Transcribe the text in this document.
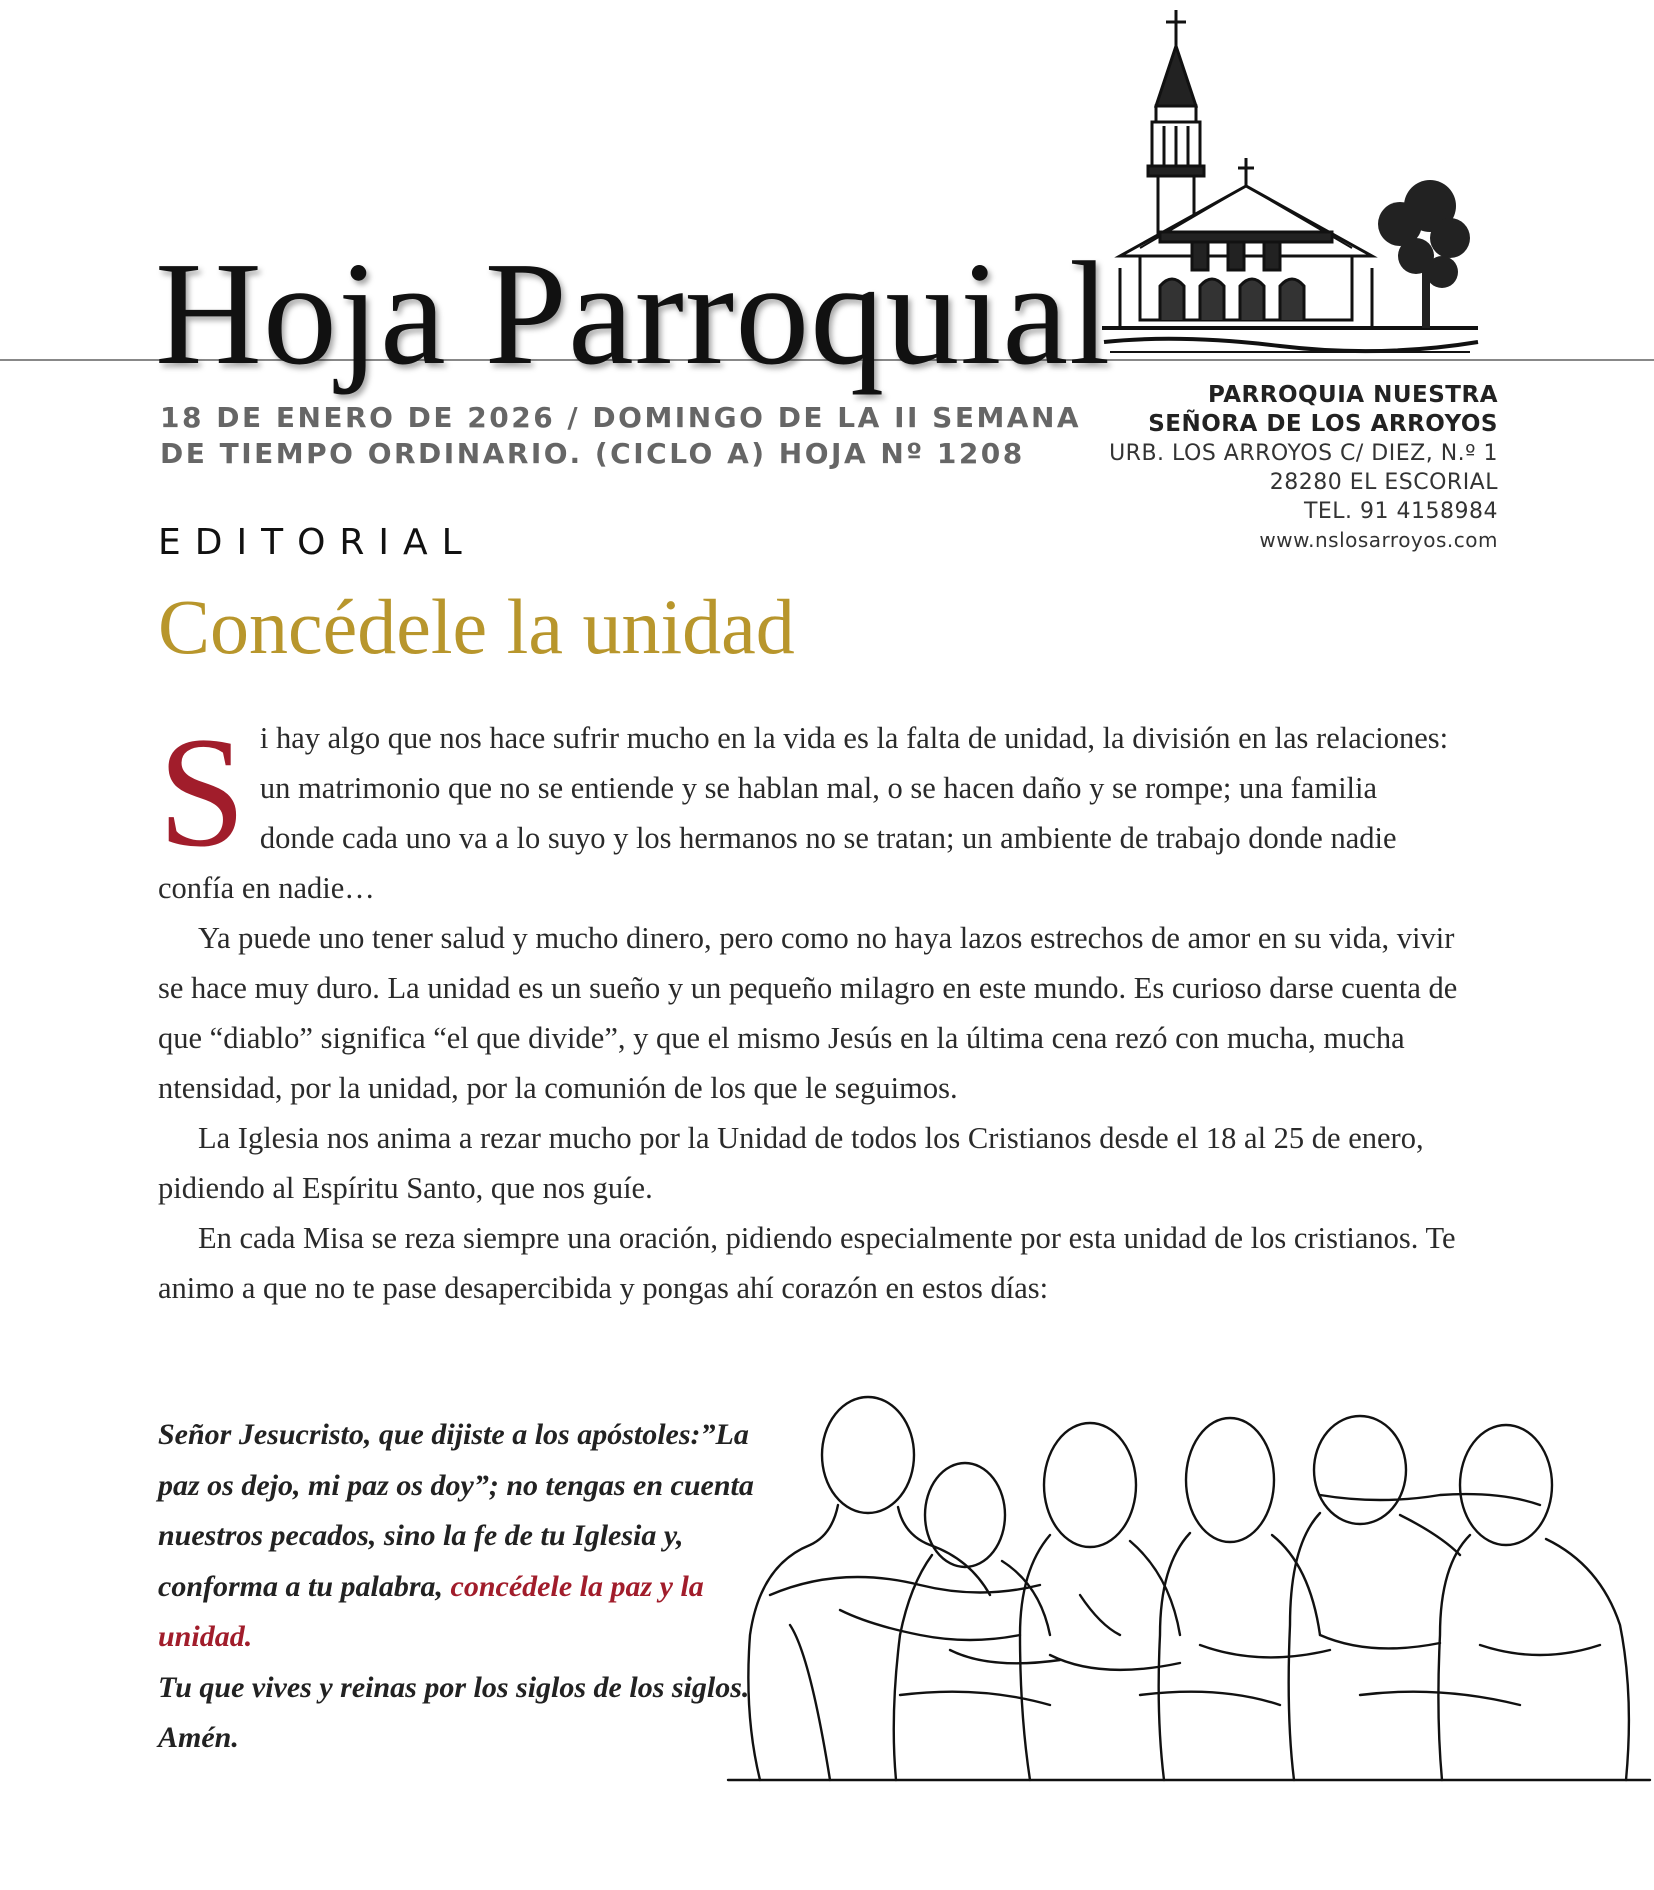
Hoja Parroquial
18 DE ENERO DE 2026 / DOMINGO DE LA II SEMANA
DE TIEMPO ORDINARIO. (CICLO A) HOJA Nº 1208
PARROQUIA NUESTRA
SEÑORA DE LOS ARROYOS
URB. LOS ARROYOS C/ DIEZ, N.º 1
28280 EL ESCORIAL
TEL. 91 4158984
www.nslosarroyos.com
EDITORIAL
Concédele la unidad

Si hay algo que nos hace sufrir mucho en la vida es la falta de unidad, la división en las relaciones: un matrimonio que no se entiende y se hablan mal, o se hacen daño y se rompe; una familia donde cada uno va a lo suyo y los hermanos no se tratan; un ambiente de trabajo donde nadie confía en nadie…

Ya puede uno tener salud y mucho dinero, pero como no haya lazos estrechos de amor en su vida, vivir se hace muy duro. La unidad es un sueño y un pequeño milagro en este mundo. Es curioso darse cuenta de que “diablo” significa “el que divide”, y que el mismo Jesús en la última cena rezó con mucha, mucha ntensidad, por la unidad, por la comunión de los que le seguimos.

La Iglesia nos anima a rezar mucho por la Unidad de todos los Cristianos desde el 18 al 25 de enero, pidiendo al Espíritu Santo, que nos guíe.

En cada Misa se reza siempre una oración, pidiendo especialmente por esta unidad de los cristianos. Te animo a que no te pase desapercibida y pongas ahí corazón en estos días:

Señor Jesucristo, que dijiste a los apóstoles:”La paz os dejo, mi paz os doy”; no tengas en cuenta nuestros pecados, sino la fe de tu Iglesia y, conforma a tu palabra, concédele la paz y la unidad.

Tu que vives y reinas por los siglos de los siglos. Amén.
